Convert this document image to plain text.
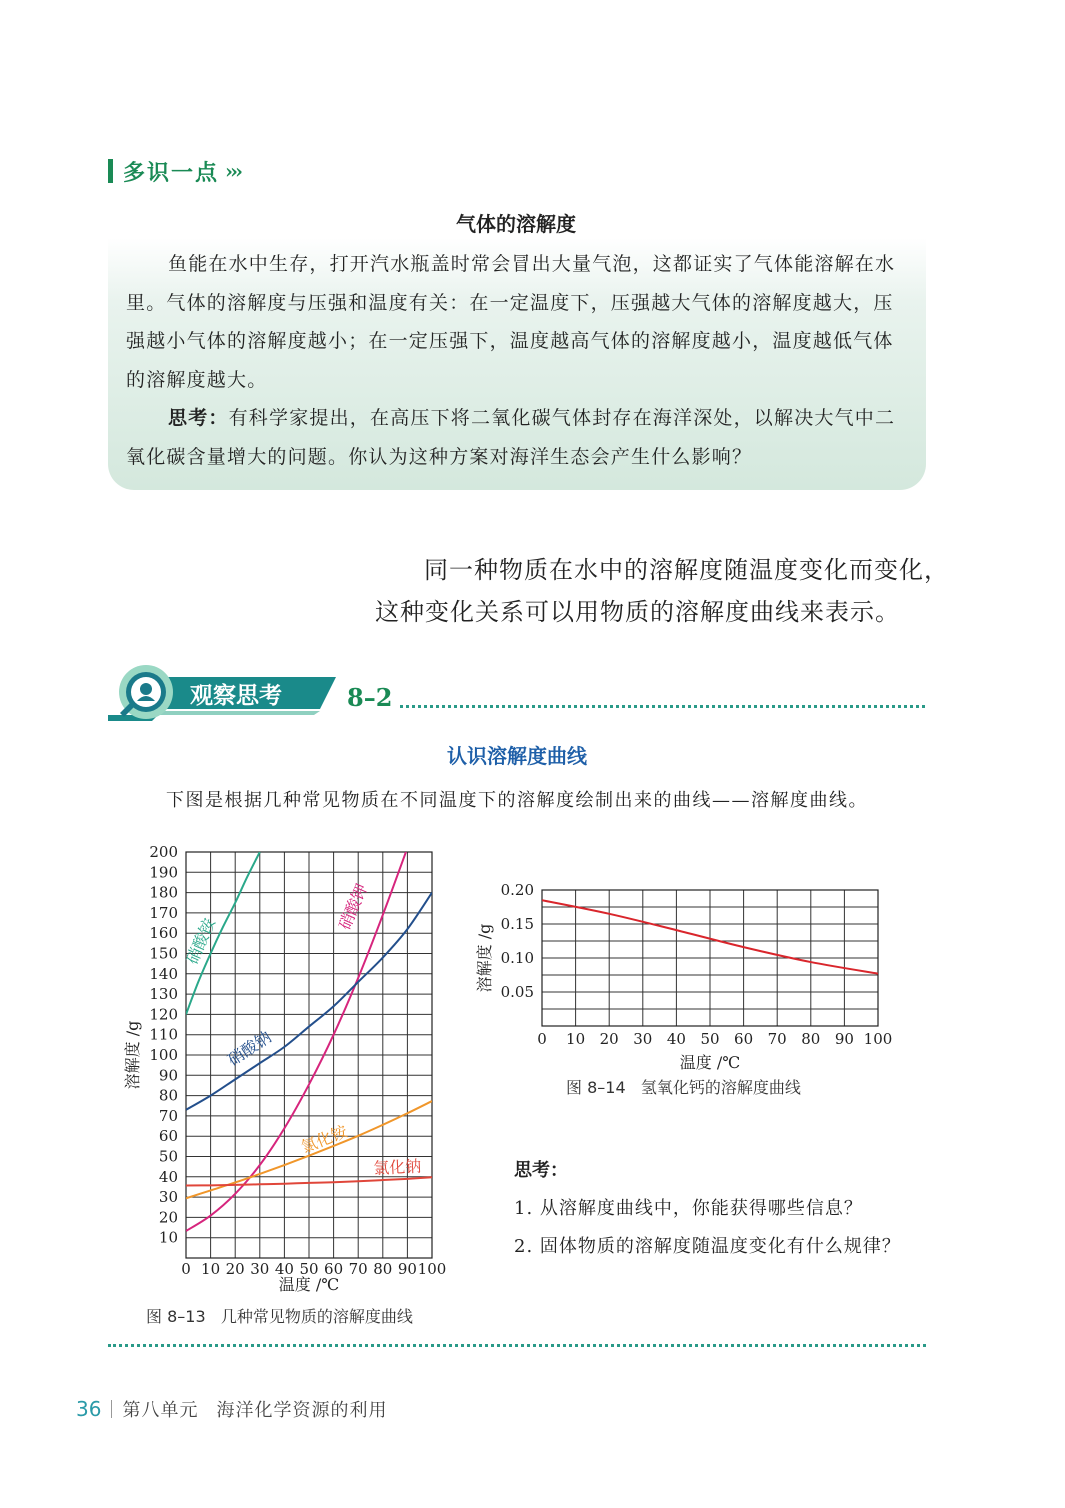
多识一点 ›››
气体的溶解度

鱼能在水中生存，打开汽水瓶盖时常会冒出大量气泡，这都证实了气体能溶解在水里。气体的溶解度与压强和温度有关：在一定温度下，压强越大气体的溶解度越大，压强越小气体的溶解度越小；在一定压强下，温度越高气体的溶解度越小，温度越低气体的溶解度越大。

思考：有科学家提出，在高压下将二氧化碳气体封存在海洋深处，以解决大气中二氧化碳含量增大的问题。你认为这种方案对海洋生态会产生什么影响？

同一种物质在水中的溶解度随温度变化而变化，
这种变化关系可以用物质的溶解度曲线来表示。
观察思考	8–2
认识溶解度曲线
下图是根据几种常见物质在不同温度下的溶解度绘制出来的曲线——溶解度曲线。
10
20
30
40
50
60
70
80
90
100
110
120
130
140
150
160
170
180
190
200
0 10 20 30 40 50 60 70 80 90 100
硝酸铵
硝酸钾
硝酸钠
氯化铵
氯化钠
溶解度 /g
温度 /℃
图 8–13 几种常见物质的溶解度曲线
0.05
0.10
0.15
0.20
0 10 20 30 40 50 60 70 80 90 100
溶解度 /g
温度 /℃
图 8–14 氢氧化钙的溶解度曲线
思考：
1. 从溶解度曲线中，你能获得哪些信息？
2. 固体物质的溶解度随温度变化有什么规律？
36 第八单元 海洋化学资源的利用
